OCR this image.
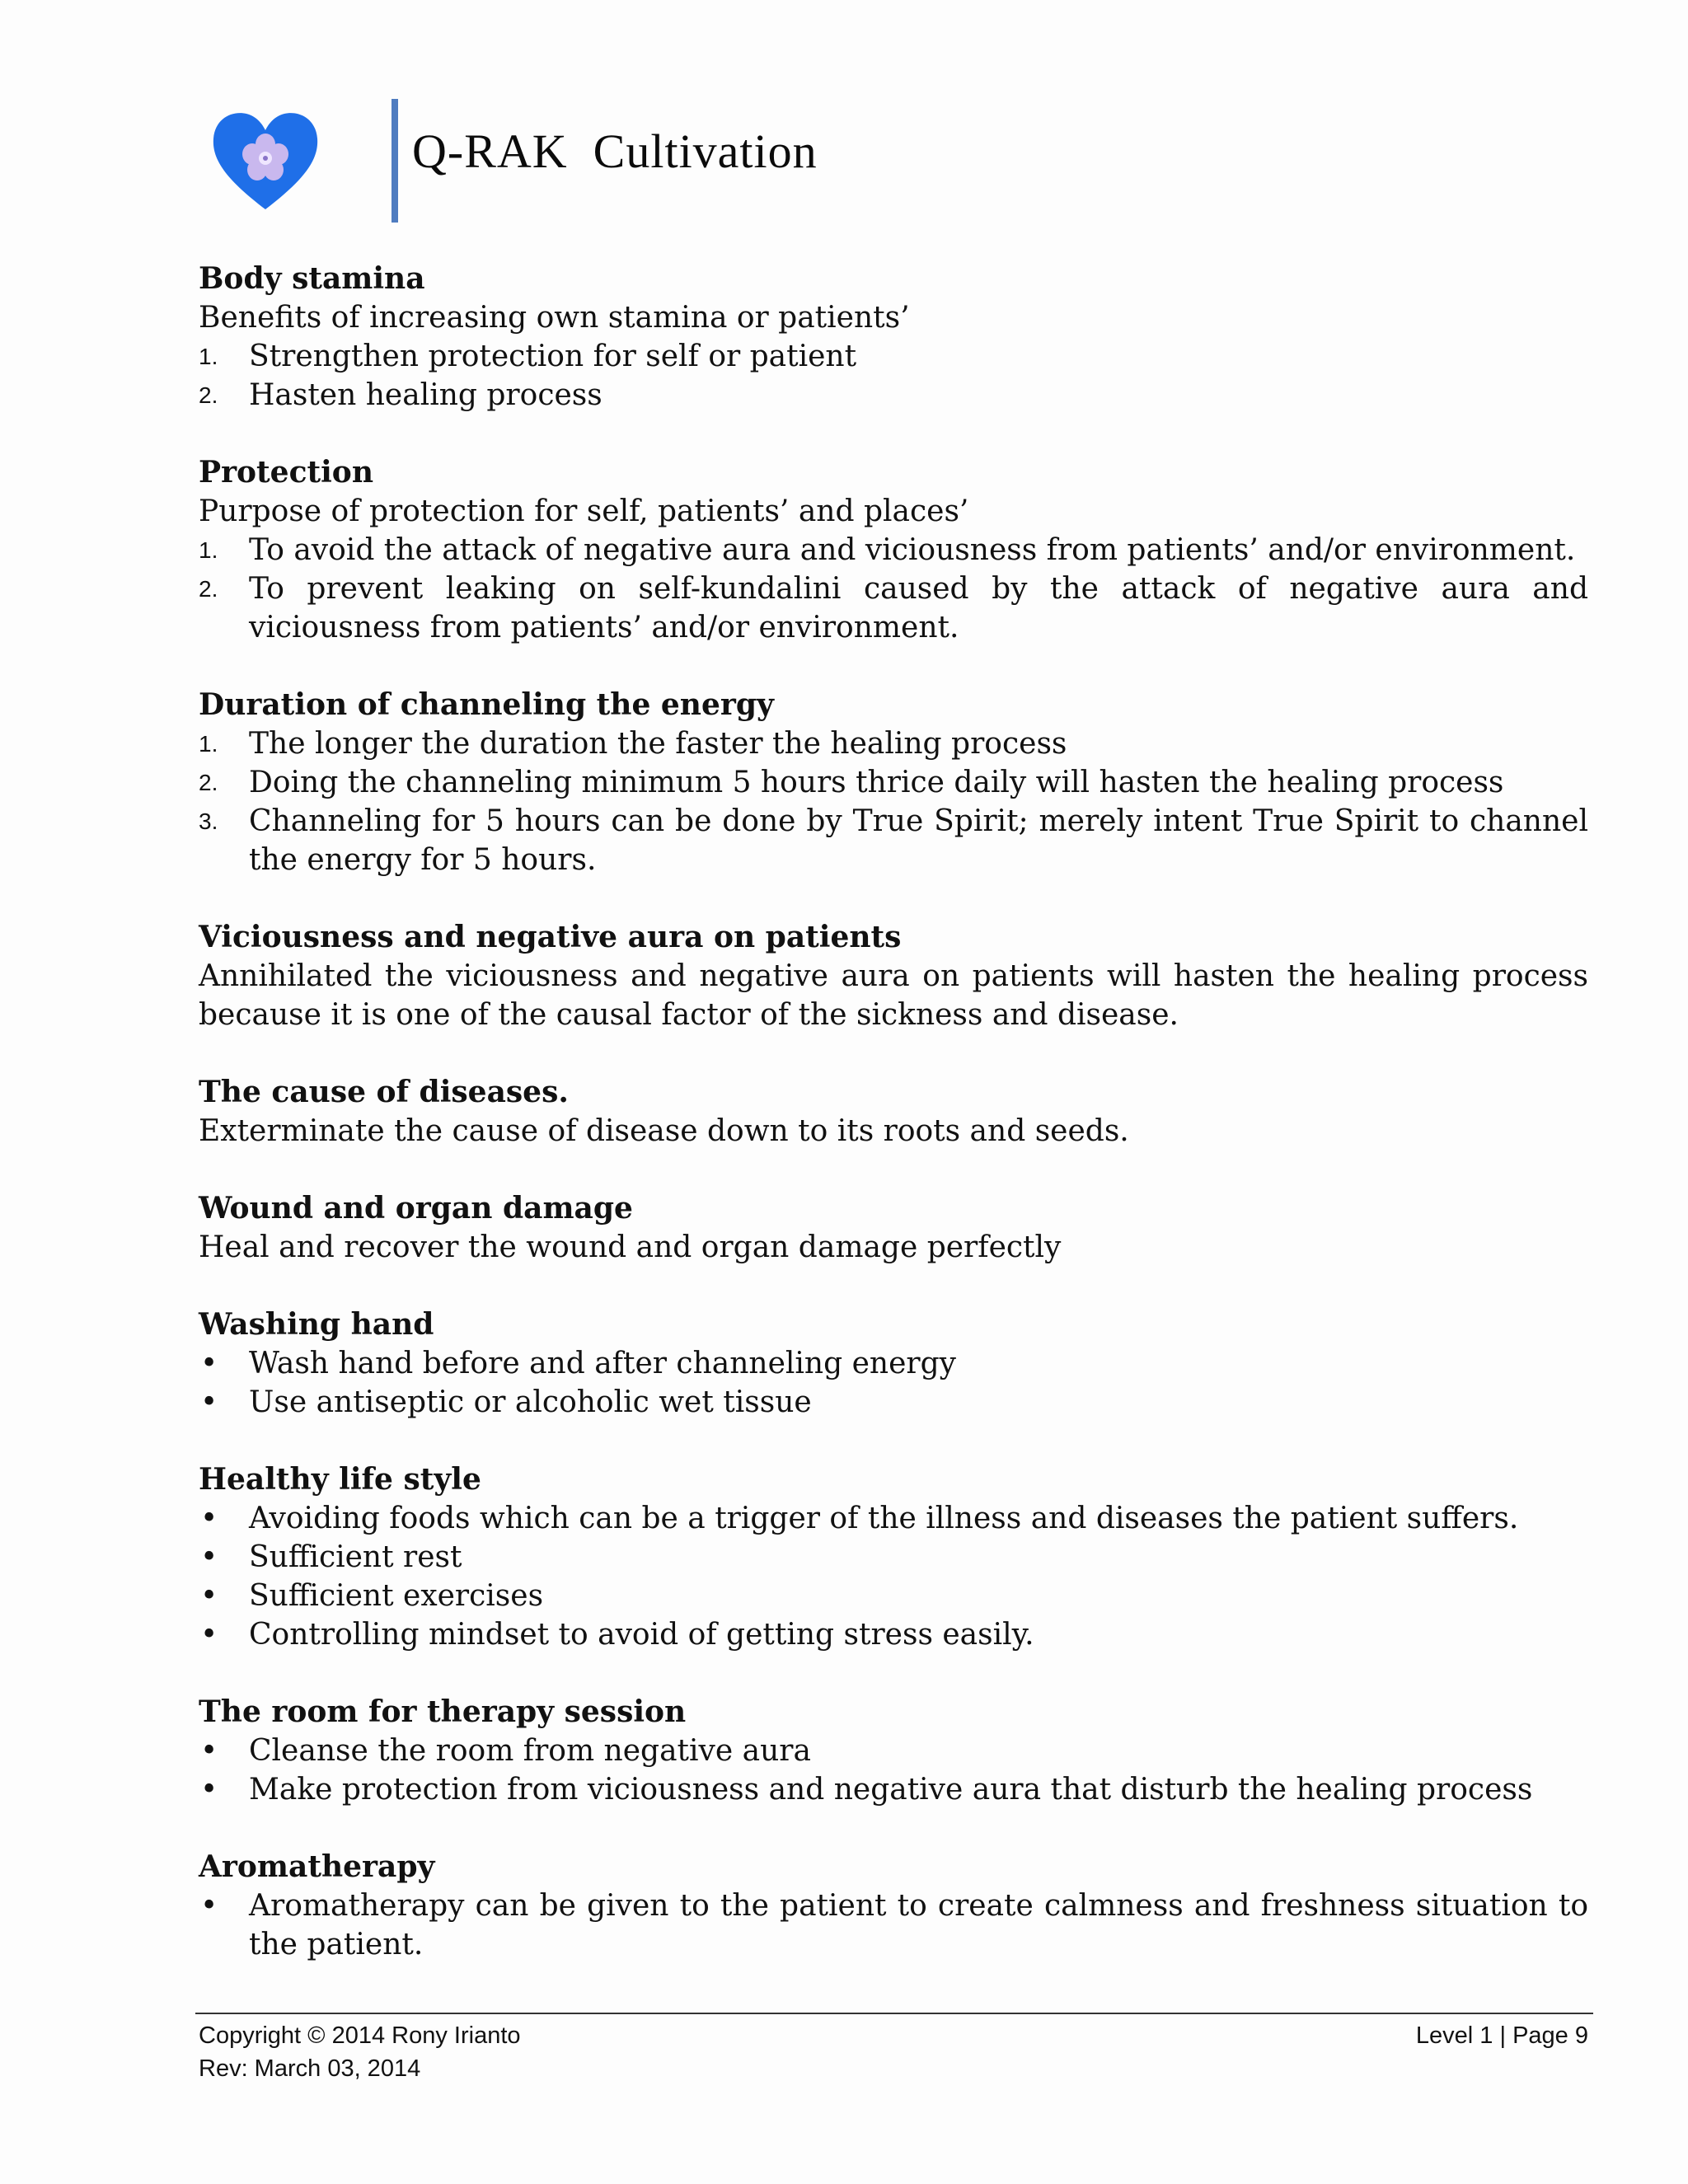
Q-RAK  Cultivation
Body stamina
Benefits of increasing own stamina or patients’
1.	Strengthen protection for self or patient
2.	Hasten healing process
Protection
Purpose of protection for self, patients’ and places’
1.	To avoid the attack of negative aura and viciousness from patients’ and/or environment.
2.	To prevent leaking on self-kundalini caused by the attack of negative aura and viciousness from patients’ and/or environment.
Duration of channeling the energy
1.	The longer the duration the faster the healing process
2.	Doing the channeling minimum 5 hours thrice daily will hasten the healing process
3.	Channeling for 5 hours can be done by True Spirit; merely intent True Spirit to channel the energy for 5 hours.
Viciousness and negative aura on patients
Annihilated the viciousness and negative aura on patients will hasten the healing process because it is one of the causal factor of the sickness and disease.
The cause of diseases.
Exterminate the cause of disease down to its roots and seeds.
Wound and organ damage
Heal and recover the wound and organ damage perfectly
Washing hand
•	Wash hand before and after channeling energy
•	Use antiseptic or alcoholic wet tissue
Healthy life style
•	Avoiding foods which can be a trigger of the illness and diseases the patient suffers.
•	Sufficient rest
•	Sufficient exercises
•	Controlling mindset to avoid of getting stress easily.
The room for therapy session
•	Cleanse the room from negative aura
•	Make protection from viciousness and negative aura that disturb the healing process
Aromatherapy
•	Aromatherapy can be given to the patient to create calmness and freshness situation to the patient.
Copyright © 2014 Rony Irianto
Rev: March 03, 2014
Level 1 | Page 9
